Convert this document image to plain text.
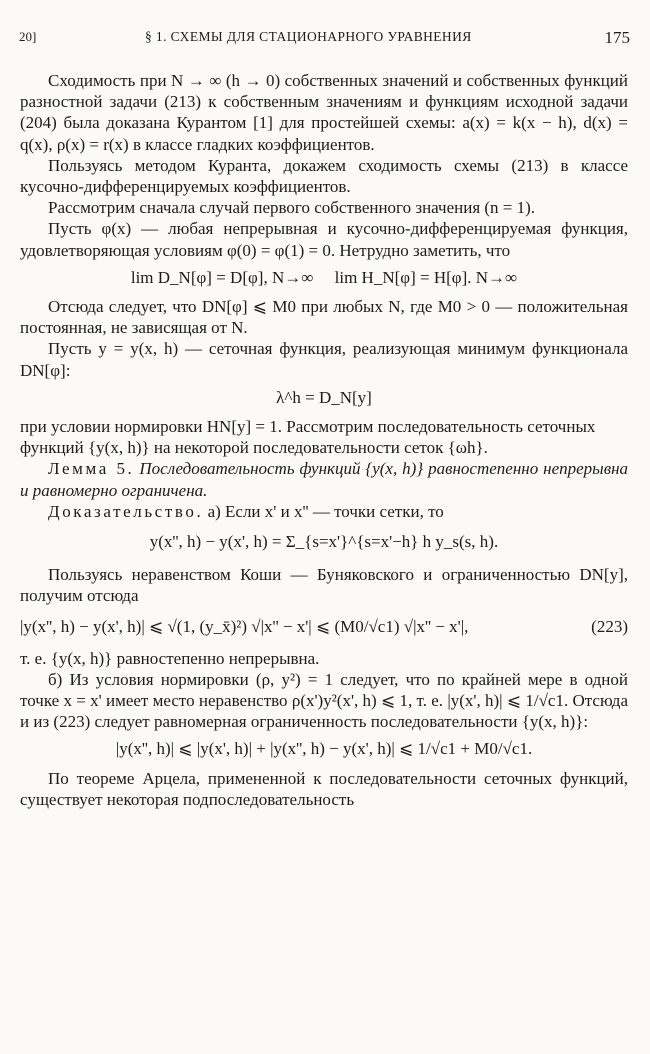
20]	§ 1. СХЕМЫ ДЛЯ СТАЦИОНАРНОГО УРАВНЕНИЯ	175

Сходимость при N → ∞ (h → 0) собственных значений и собственных функций разностной задачи (213) к собственным значениям и функциям исходной задачи (204) была доказана Курантом [1] для простейшей схемы: a(x) = k(x − h), d(x) = q(x), ρ(x) = r(x) в классе гладких коэффициентов.

Пользуясь методом Куранта, докажем сходимость схемы (213) в классе кусочно-дифференцируемых коэффициентов.

Рассмотрим сначала случай первого собственного значения (n = 1).

Пусть φ(x) — любая непрерывная и кусочно-дифференцируемая функция, удовлетворяющая условиям φ(0) = φ(1) = 0. Нетрудно заметить, что

lim D_N[φ] = D[φ], N→∞ lim H_N[φ] = H[φ]. N→∞

Отсюда следует, что DN[φ] ⩽ M0 при любых N, где M0 > 0 — положительная постоянная, не зависящая от N.

Пусть y = y(x, h) — сеточная функция, реализующая минимум функционала DN[φ]:

λ^h = D_N[y]

при условии нормировки HN[y] = 1. Рассмотрим последовательность сеточных функций {y(x, h)} на некоторой последовательности сеток {ωh}.

Лемма 5. Последовательность функций {y(x, h)} равностепенно непрерывна и равномерно ограничена.

Доказательство. а) Если x' и x'' — точки сетки, то

y(x'', h) − y(x', h) = Σ_{s=x'}^{s=x'−h} h y_s(s, h).

Пользуясь неравенством Коши — Буняковского и ограниченностью DN[y], получим отсюда

|y(x'', h) − y(x', h)| ⩽ √(1, (y_x̄)²) √|x'' − x'| ⩽ (M0/√c1) √|x'' − x'|,	(223)

т. е. {y(x, h)} равностепенно непрерывна.

б) Из условия нормировки (ρ, y²) = 1 следует, что по крайней мере в одной точке x = x' имеет место неравенство ρ(x')y²(x', h) ⩽ 1, т. е. |y(x', h)| ⩽ 1/√c1. Отсюда и из (223) следует равномерная ограниченность последовательности {y(x, h)}:

|y(x'', h)| ⩽ |y(x', h)| + |y(x'', h) − y(x', h)| ⩽ 1/√c1 + M0/√c1.

По теореме Арцела, примененной к последовательности сеточных функций, существует некоторая подпоследовательность
